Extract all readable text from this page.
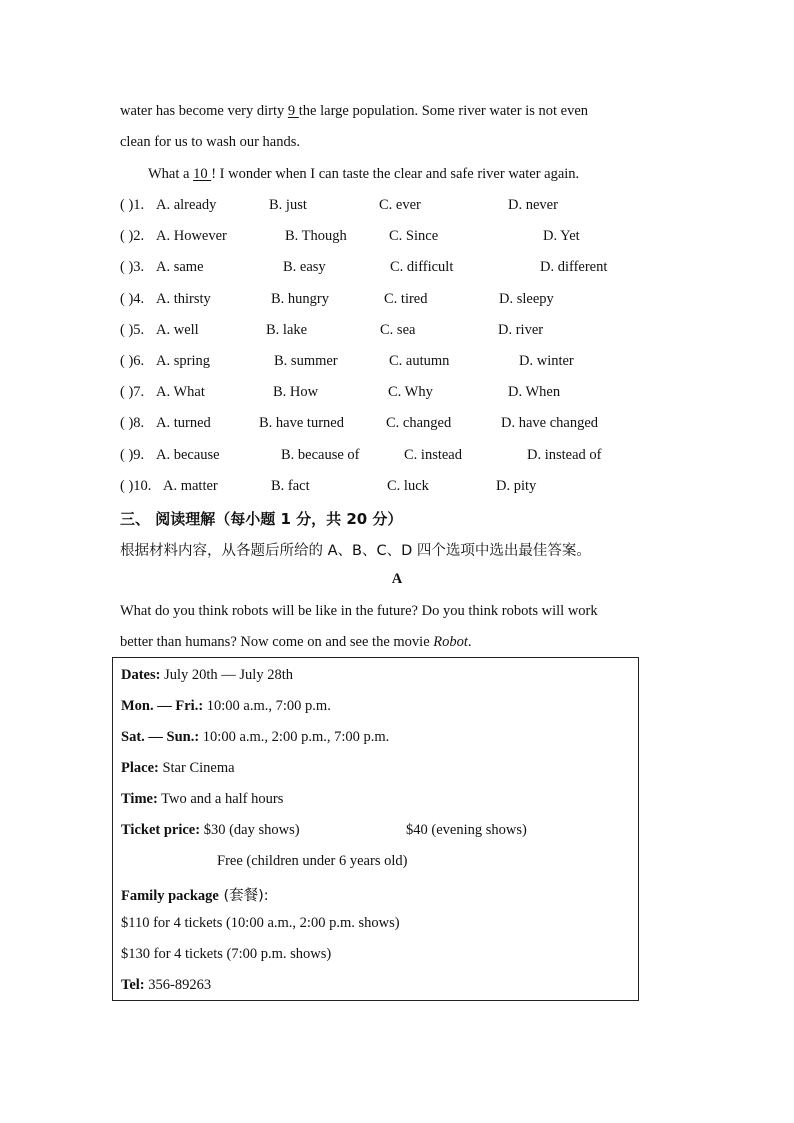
water has become very dirty 9 the large population. Some river water is not even
clean for us to wash our hands.
What a 10 ! I wonder when I can taste the clear and safe river water again.
( )1. A. already	B. just	C. ever	D. never
( )2. A. However	B. Though	C. Since	D. Yet
( )3. A. same	B. easy	C. difficult	D. different
( )4. A. thirsty	B. hungry	C. tired	D. sleepy
( )5. A. well	B. lake	C. sea	D. river
( )6. A. spring	B. summer	C. autumn	D. winter
( )7. A. What	B. How	C. Why	D. When
( )8. A. turned	B. have turned	C. changed	D. have changed
( )9. A. because	B. because of	C. instead	D. instead of
( )10. A. matter	B. fact	C. luck	D. pity
三、 阅读理解（每小题 1 分，共 20 分）
根据材料内容，从各题后所给的 A、B、C、D 四个选项中选出最佳答案。
A
What do you think robots will be like in the future? Do you think robots will work
better than humans? Now come on and see the movie Robot.
Dates: July 20th — July 28th
Mon. — Fri.: 10:00 a.m., 7:00 p.m.
Sat. — Sun.: 10:00 a.m., 2:00 p.m., 7:00 p.m.
Place: Star Cinema
Time: Two and a half hours
Ticket price: $30 (day shows)	$40 (evening shows)
Free (children under 6 years old)
Family package (套餐):
$110 for 4 tickets (10:00 a.m., 2:00 p.m. shows)
$130 for 4 tickets (7:00 p.m. shows)
Tel: 356-89263
